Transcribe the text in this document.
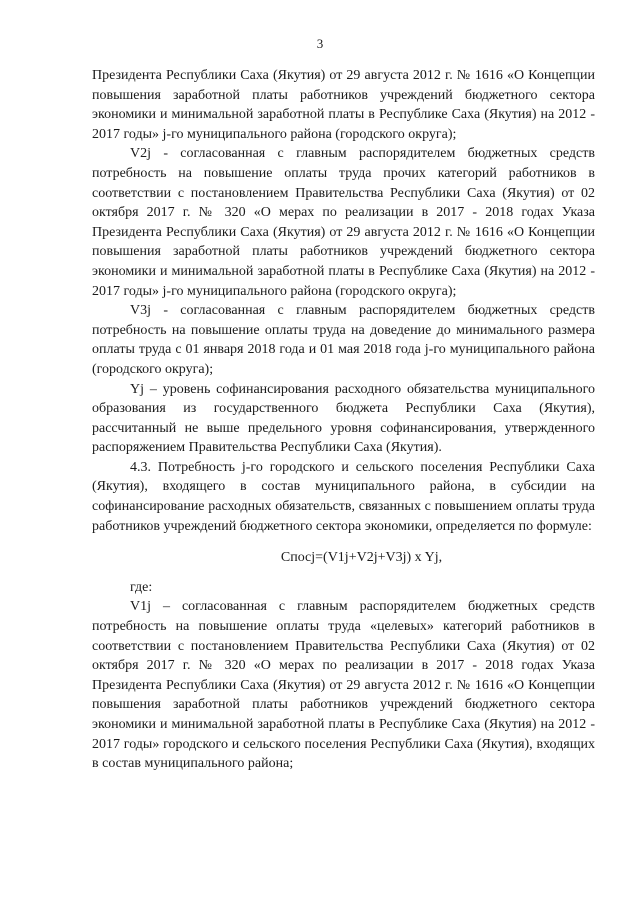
3

Президента Республики Саха (Якутия) от 29 августа 2012 г. № 1616 «О Концепции повышения заработной платы работников учреждений бюджетного сектора экономики и минимальной заработной платы в Республике Саха (Якутия) на 2012 - 2017 годы» j-го муниципального района (городского округа);

V2j - согласованная с главным распорядителем бюджетных средств потребность на повышение оплаты труда прочих категорий работников в соответствии с постановлением Правительства Республики Саха (Якутия) от 02 октября 2017 г. № 320 «О мерах по реализации в 2017 - 2018 годах Указа Президента Республики Саха (Якутия) от 29 августа 2012 г. № 1616 «О Концепции повышения заработной платы работников учреждений бюджетного сектора экономики и минимальной заработной платы в Республике Саха (Якутия) на 2012 - 2017 годы» j-го муниципального района (городского округа);

V3j - согласованная с главным распорядителем бюджетных средств потребность на повышение оплаты труда на доведение до минимального размера оплаты труда с 01 января 2018 года и 01 мая 2018 года j-го муниципального района (городского округа);

Yj – уровень софинансирования расходного обязательства муниципального образования из государственного бюджета Республики Саха (Якутия), рассчитанный не выше предельного уровня софинансирования, утвержденного распоряжением Правительства Республики Саха (Якутия).

4.3. Потребность j-го городского и сельского поселения Республики Саха (Якутия), входящего в состав муниципального района, в субсидии на софинансирование расходных обязательств, связанных с повышением оплаты труда работников учреждений бюджетного сектора экономики, определяется по формуле:

Спосj=(V1j+V2j+V3j) x Yj,

где:

V1j – согласованная с главным распорядителем бюджетных средств потребность на повышение оплаты труда «целевых» категорий работников в соответствии с постановлением Правительства Республики Саха (Якутия) от 02 октября 2017 г. № 320 «О мерах по реализации в 2017 - 2018 годах Указа Президента Республики Саха (Якутия) от 29 августа 2012 г. № 1616 «О Концепции повышения заработной платы работников учреждений бюджетного сектора экономики и минимальной заработной платы в Республике Саха (Якутия) на 2012 - 2017 годы» городского и сельского поселения Республики Саха (Якутия), входящих в состав муниципального района;
